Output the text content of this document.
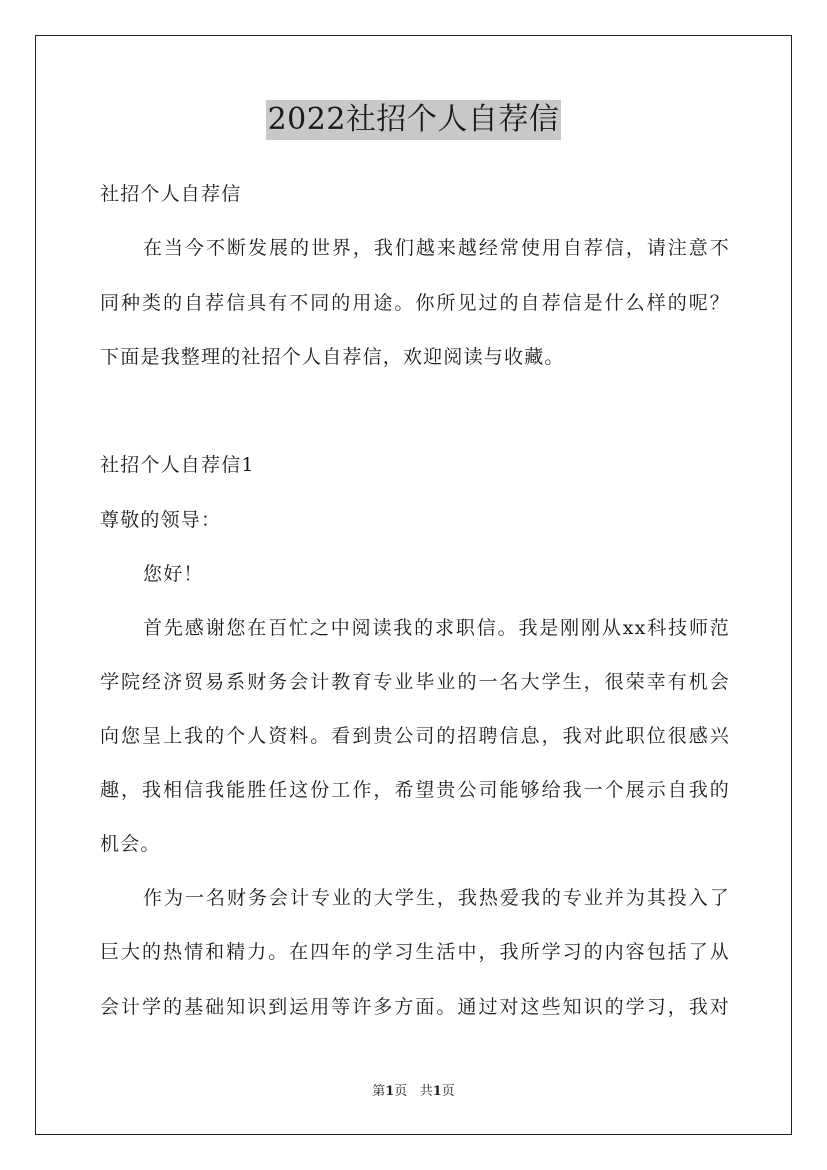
2022社招个人自荐信
社招个人自荐信
在当今不断发展的世界，我们越来越经常使用自荐信，请注意不
同种类的自荐信具有不同的用途。你所见过的自荐信是什么样的呢？
下面是我整理的社招个人自荐信，欢迎阅读与收藏。
社招个人自荐信1
尊敬的领导：
您好！
首先感谢您在百忙之中阅读我的求职信。我是刚刚从xx科技师范
学院经济贸易系财务会计教育专业毕业的一名大学生，很荣幸有机会
向您呈上我的个人资料。看到贵公司的招聘信息，我对此职位很感兴
趣，我相信我能胜任这份工作，希望贵公司能够给我一个展示自我的
机会。
作为一名财务会计专业的大学生，我热爱我的专业并为其投入了
巨大的热情和精力。在四年的学习生活中，我所学习的内容包括了从
会计学的基础知识到运用等许多方面。通过对这些知识的学习，我对
第1页 共1页
